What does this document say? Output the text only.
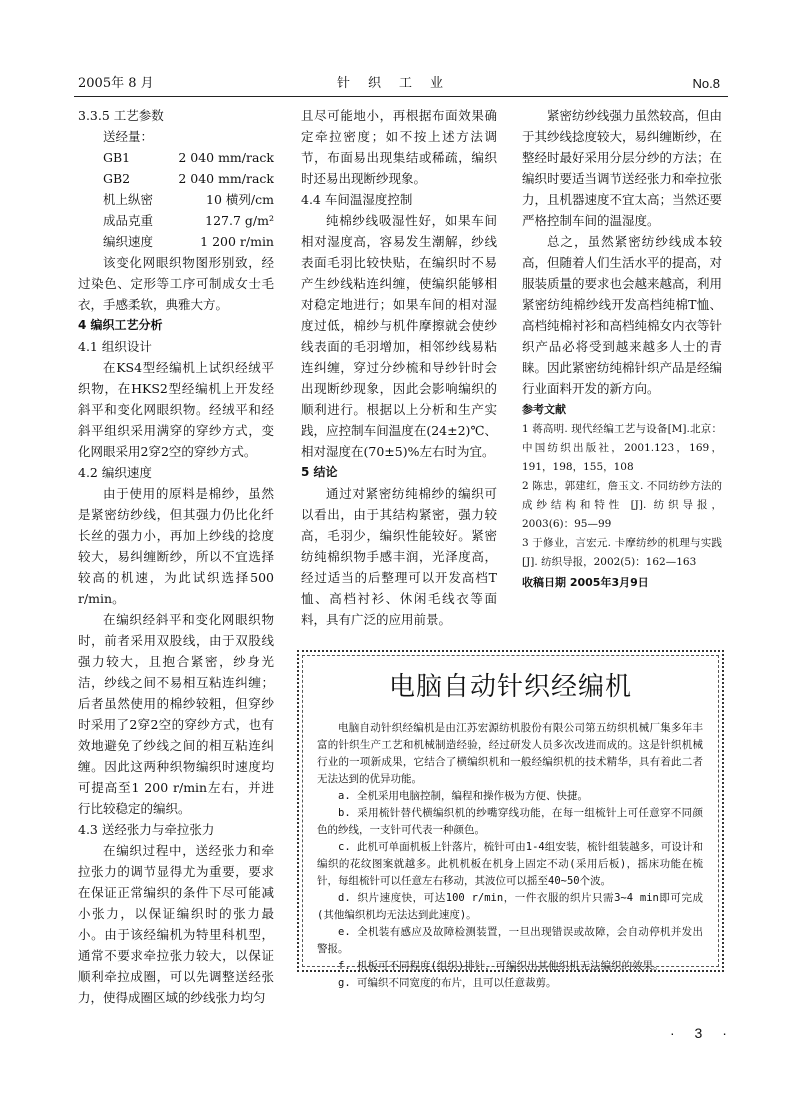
2005年 8 月	针织工业	No.8

3.3.5 工艺参数

送经量：

GB1	2 040 mm/rack
GB2	2 040 mm/rack
机上纵密	10 横列/cm
成品克重	127.7 g/m²
编织速度	1 200 r/min

该变化网眼织物图形别致，经过染色、定形等工序可制成女士毛衣，手感柔软，典雅大方。

4 编织工艺分析

4.1 组织设计

在KS4型经编机上试织经绒平织物，在HKS2型经编机上开发经斜平和变化网眼织物。经绒平和经斜平组织采用满穿的穿纱方式，变化网眼采用2穿2空的穿纱方式。

4.2 编织速度

由于使用的原料是棉纱，虽然是紧密纺纱线，但其强力仍比化纤长丝的强力小，再加上纱线的捻度较大，易纠缠断纱，所以不宜选择较高的机速，为此试织选择500 r/min。

在编织经斜平和变化网眼织物时，前者采用双股线，由于双股线强力较大，且抱合紧密，纱身光洁，纱线之间不易相互粘连纠缠；后者虽然使用的棉纱较粗，但穿纱时采用了2穿2空的穿纱方式，也有效地避免了纱线之间的相互粘连纠缠。因此这两种织物编织时速度均可提高至1 200 r/min左右，并进行比较稳定的编织。

4.3 送经张力与牵拉张力

在编织过程中，送经张力和牵拉张力的调节显得尤为重要，要求在保证正常编织的条件下尽可能减小张力，以保证编织时的张力最小。由于该经编机为特里科机型，通常不要求牵拉张力较大，以保证顺利牵拉成圈，可以先调整送经张力，使得成圈区域的纱线张力均匀

且尽可能地小，再根据布面效果确定牵拉密度；如不按上述方法调节，布面易出现集结或稀疏，编织时还易出现断纱现象。

4.4 车间温湿度控制

纯棉纱线吸湿性好，如果车间相对湿度高，容易发生潮解，纱线表面毛羽比较快贴，在编织时不易产生纱线粘连纠缠，使编织能够相对稳定地进行；如果车间的相对湿度过低，棉纱与机件摩擦就会使纱线表面的毛羽增加，相邻纱线易粘连纠缠，穿过分纱梳和导纱针时会出现断纱现象，因此会影响编织的顺利进行。根据以上分析和生产实践，应控制车间温度在(24±2)℃、相对湿度在(70±5)%左右时为宜。

5 结论

通过对紧密纺纯棉纱的编织可以看出，由于其结构紧密，强力较高，毛羽少，编织性能较好。紧密纺纯棉织物手感丰润，光泽度高，经过适当的后整理可以开发高档T恤、高档衬衫、休闲毛线衣等面料，具有广泛的应用前景。

紧密纺纱线强力虽然较高，但由于其纱线捻度较大，易纠缠断纱，在整经时最好采用分层分纱的方法；在编织时要适当调节送经张力和牵拉张力，且机器速度不宜太高；当然还要严格控制车间的温湿度。

总之，虽然紧密纺纱线成本较高，但随着人们生活水平的提高，对服装质量的要求也会越来越高，利用紧密纺纯棉纱线开发高档纯棉T恤、高档纯棉衬衫和高档纯棉女内衣等针织产品必将受到越来越多人士的青睐。因此紧密纺纯棉针织产品是经编行业面料开发的新方向。

参考文献

1 蒋高明. 现代经编工艺与设备[M].北京：中国纺织出版社，2001.123，169，191，198，155，108

2 陈忠，郭建红，詹玉文. 不同纺纱方法的成纱结构和特性 [J]. 纺织导报，2003(6)：95—99

3 于修业，言宏元. 卡摩纺纱的机理与实践[J]. 纺织导报，2002(5)：162—163

收稿日期 2005年3月9日

电脑自动针织经编机

电脑自动针织经编机是由江苏宏源纺机股份有限公司第五纺织机械厂集多年丰富的针织生产工艺和机械制造经验，经过研发人员多次改进而成的。这是针织机械行业的一项新成果，它结合了横编织机和一般经编织机的技术精华，具有着此二者无法达到的优异功能。

a. 全机采用电脑控制，编程和操作极为方便、快捷。

b. 采用梳针替代横编织机的纱嘴穿线功能，在每一组梳针上可任意穿不同颜色的纱线，一支针可代表一种颜色。

c. 此机可单面机板上针落片，梳针可由1-4组安装，梳针组装越多，可设计和编织的花纹图案就越多。此机机板在机身上固定不动(采用后板)，摇床功能在梳针，每组梳针可以任意左右移动，其波位可以摇至40~50个波。

d. 织片速度快，可达100 r/min，一件衣服的织片只需3~4 min即可完成(其他编织机均无法达到此速度)。

e. 全机装有感应及故障检测装置，一旦出现错误或故障，会自动停机并发出警报。

f. 机板可不同程度(组织)排针，可编织出其他织机无法编织的效果。

g. 可编织不同宽度的布片，且可以任意裁剪。

· 3 ·
